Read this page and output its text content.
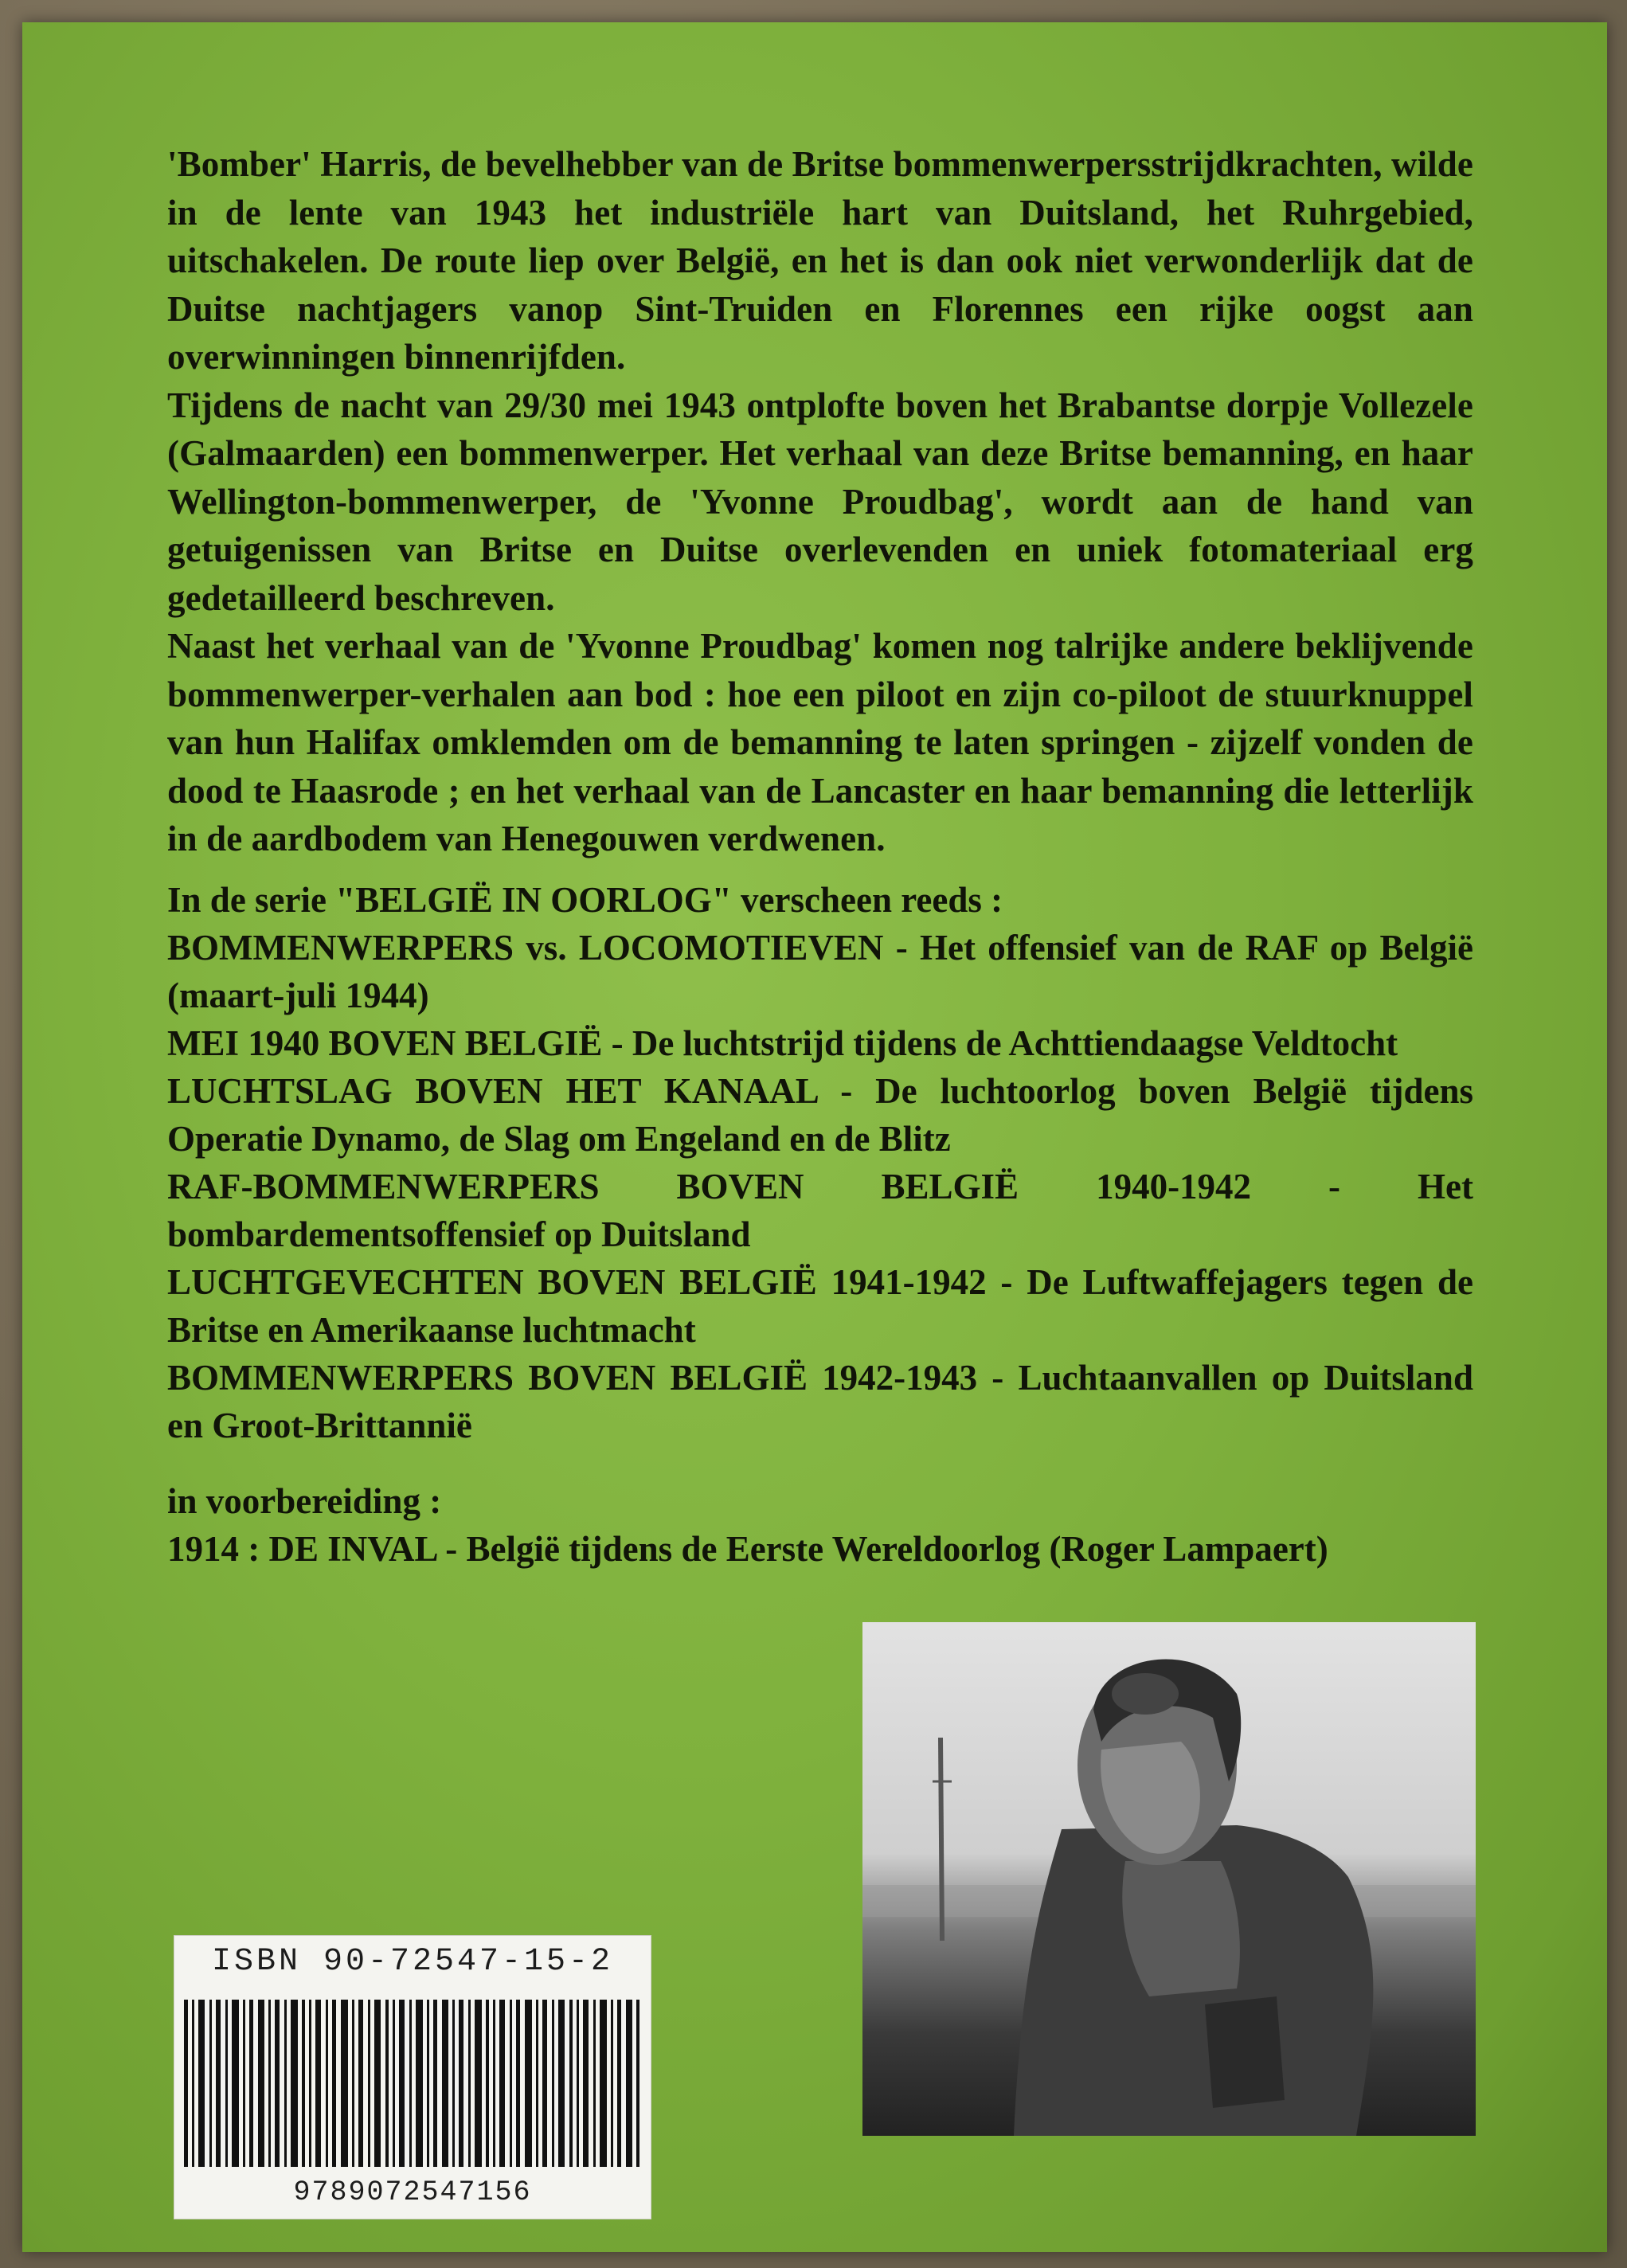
'Bomber' Harris, de bevelhebber van de Britse bommenwerpersstrijdkrachten, wilde in de lente van 1943 het industriële hart van Duitsland, het Ruhrgebied, uitschakelen. De route liep over België, en het is dan ook niet verwonderlijk dat de Duitse nachtjagers vanop Sint-Truiden en Florennes een rijke oogst aan overwinningen binnenrijfden.

Tijdens de nacht van 29/30 mei 1943 ontplofte boven het Brabantse dorpje Vollezele (Galmaarden) een bommenwerper. Het verhaal van deze Britse bemanning, en haar Wellington-bommenwerper, de 'Yvonne Proudbag', wordt aan de hand van getuigenissen van Britse en Duitse overlevenden en uniek fotomateriaal erg gedetailleerd beschreven.

Naast het verhaal van de 'Yvonne Proudbag' komen nog talrijke andere beklijvende bommenwerper-verhalen aan bod : hoe een piloot en zijn co-piloot de stuurknuppel van hun Halifax omklemden om de bemanning te laten springen - zijzelf vonden de dood te Haasrode ; en het verhaal van de Lancaster en haar bemanning die letterlijk in de aardbodem van Henegouwen verdwenen.

In de serie "BELGIË IN OORLOG" verscheen reeds :

BOMMENWERPERS vs. LOCOMOTIEVEN - Het offensief van de RAF op België (maart-juli 1944)

MEI 1940 BOVEN BELGIË - De luchtstrijd tijdens de Achttiendaagse Veldtocht

LUCHTSLAG BOVEN HET KANAAL - De luchtoorlog boven België tijdens Operatie Dynamo, de Slag om Engeland en de Blitz

RAF-BOMMENWERPERS BOVEN BELGIË 1940-1942 - Het bombardementsoffensief op Duitsland

LUCHTGEVECHTEN BOVEN BELGIË 1941-1942 - De Luftwaffejagers tegen de Britse en Amerikaanse luchtmacht

BOMMENWERPERS BOVEN BELGIË 1942-1943 - Luchtaanvallen op Duitsland en Groot-Brittannië

in voorbereiding :

1914 : DE INVAL - België tijdens de Eerste Wereldoorlog (Roger Lampaert)

ISBN 90-72547-15-2
9789072547156
